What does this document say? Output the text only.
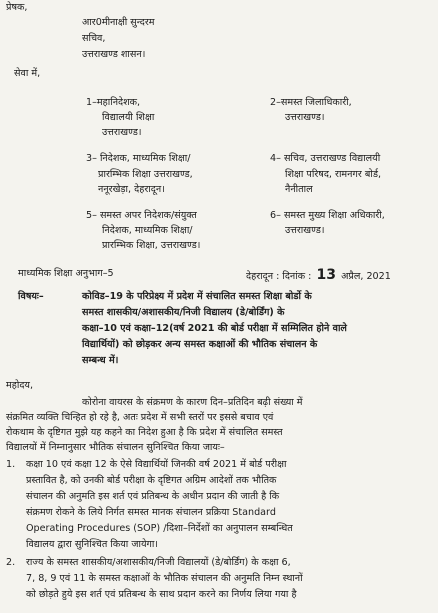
प्रेषक,
आर0मीनाक्षी सुन्दरम
सचिव,
उत्तराखण्ड शासन।
सेवा में,
1–महानिदेशक,
विद्यालयी शिक्षा
उत्तराखण्ड।
2–समस्त जिलाधिकारी,
उत्तराखण्ड।
3– निदेशक, माध्यमिक शिक्षा/
प्रारम्भिक शिक्षा उत्तराखण्ड,
ननूरखेड़ा, देहरादून।
4– सचिव, उत्तराखण्ड विद्यालयी
शिक्षा परिषद, रामनगर बोर्ड,
नैनीताल
5– समस्त अपर निदेशक/संयुक्त
निदेशक, माध्यमिक शिक्षा/
प्रारम्भिक शिक्षा, उत्तराखण्ड।
6– समस्त मुख्य शिक्षा अधिकारी,
उत्तराखण्ड।
माध्यमिक शिक्षा अनुभाग–5	देहरादून : दिनांक : 13 अप्रैल, 2021
विषयः–	कोविड–19 के परिप्रेक्ष्य में प्रदेश में संचालित समस्त शिक्षा बोर्डो के
समस्त शासकीय/अशासकीय/निजी विद्यालय (डे/बोर्डिंग) के
कक्षा–10 एवं कक्षा–12(वर्ष 2021 की बोर्ड परीक्षा में सम्मिलित होने वाले
विद्यार्थियों) को छोड़कर अन्य समस्त कक्षाओं की भौतिक संचालन के
सम्बन्ध में।
महोदय,
कोरोना वायरस के संक्रमण के कारण दिन–प्रतिदिन बढ़ी संख्या में
संक्रमित व्यक्ति चिन्हित हो रहे है, अतः प्रदेश में सभी स्तरों पर इससे बचाव एवं
रोकथाम के दृष्टिगत मुझे यह कहने का निदेश हुआ है कि प्रदेश में संचालित समस्त
विद्यालयों में निम्नानुसार भौतिक संचालन सुनिश्चित किया जायः–
1. कक्षा 10 एवं कक्षा 12 के ऐसे विद्यार्थियों जिनकी वर्ष 2021 में बोर्ड परीक्षा
प्रस्तावित है, को उनकी बोर्ड परीक्षा के दृष्टिगत अग्रिम आदेशों तक भौतिक
संचालन की अनुमति इस शर्त एवं प्रतिबन्ध के अधीन प्रदान की जाती है कि
संक्रमण रोकने के लिये निर्गत समस्त मानक संचालन प्रक्रिया Standard
Operating Procedures (SOP) /दिशा–निर्देशों का अनुपालन सम्बन्धित
विद्यालय द्वारा सुनिश्चित किया जायेगा।
2. राज्य के समस्त शासकीय/अशासकीय/निजी विद्यालयों (डे/बोर्डिंग) के कक्षा 6,
7, 8, 9 एवं 11 के समस्त कक्षाओं के भौतिक संचालन की अनुमति निम्न स्थानों
को छोड़ते हुये इस शर्त एवं प्रतिबन्ध के साथ प्रदान करने का निर्णय लिया गया है
